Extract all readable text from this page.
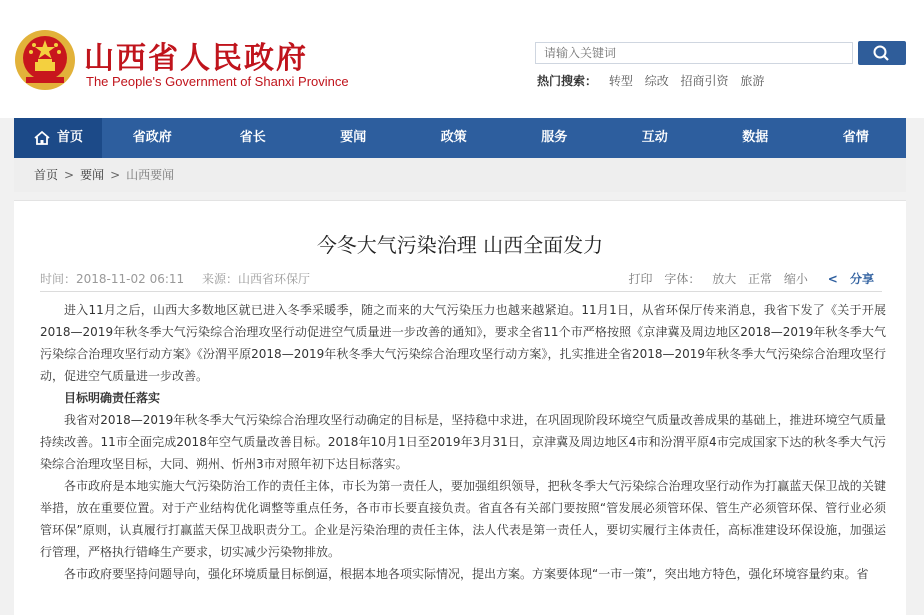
山西省人民政府
The People's Government of Shanxi Province
请输入关键词	热门搜索： 转型 综改 招商引资 旅游
首页	省政府	省长	要闻	政策	服务	互动	数据	省情
首页 > 要闻 > 山西要闻
今冬大气污染治理 山西全面发力
时间：2018-11-02 06:11 来源：山西省环保厅	打印 字体： 放大 正常 缩小 < 分享

进入11月之后，山西大多数地区就已进入冬季采暖季，随之而来的大气污染压力也越来越紧迫。11月1日，从省环保厅传来消息，我省下发了《关于开展2018—2019年秋冬季大气污染综合治理攻坚行动促进空气质量进一步改善的通知》，要求全省11个市严格按照《京津冀及周边地区2018—2019年秋冬季大气污染综合治理攻坚行动方案》《汾渭平原2018—2019年秋冬季大气污染综合治理攻坚行动方案》，扎实推进全省2018—2019年秋冬季大气污染综合治理攻坚行动，促进空气质量进一步改善。

目标明确责任落实

我省对2018—2019年秋冬季大气污染综合治理攻坚行动确定的目标是，坚持稳中求进，在巩固现阶段环境空气质量改善成果的基础上，推进环境空气质量持续改善。11市全面完成2018年空气质量改善目标。2018年10月1日至2019年3月31日，京津冀及周边地区4市和汾渭平原4市完成国家下达的秋冬季大气污染综合治理攻坚目标，大同、朔州、忻州3市对照年初下达目标落实。

各市政府是本地实施大气污染防治工作的责任主体，市长为第一责任人，要加强组织领导，把秋冬季大气污染综合治理攻坚行动作为打赢蓝天保卫战的关键举措，放在重要位置。对于产业结构优化调整等重点任务，各市市长要直接负责。省直各有关部门要按照“管发展必须管环保、管生产必须管环保、管行业必须管环保”原则，认真履行打赢蓝天保卫战职责分工。企业是污染治理的责任主体，法人代表是第一责任人，要切实履行主体责任，高标准建设环保设施，加强运行管理，严格执行错峰生产要求，切实减少污染物排放。

各市政府要坚持问题导向，强化环境质量目标倒逼，根据本地各项实际情况，提出方案。方案要体现“一市一策”，突出地方特色，强化环境容量约束。省
